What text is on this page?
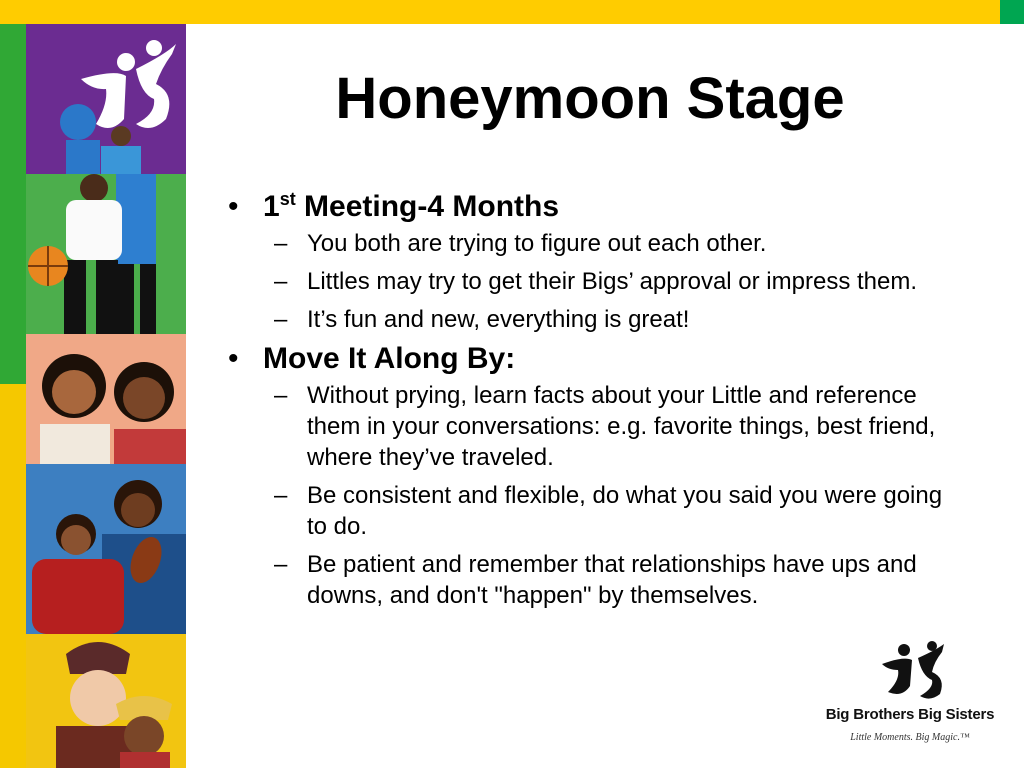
Honeymoon Stage
• 1st Meeting-4 Months
– You both are trying to figure out each other.
– Littles may try to get their Bigs’ approval or impress them.
– It’s fun and new, everything is great!
• Move It Along By:
– Without prying, learn facts about your Little and reference them in your conversations: e.g. favorite things, best friend, where they’ve traveled.
– Be consistent and flexible, do what you said you were going to do.
– Be patient and remember that relationships have ups and downs, and don't "happen" by themselves.
Big Brothers Big Sisters
Little Moments. Big Magic.™
